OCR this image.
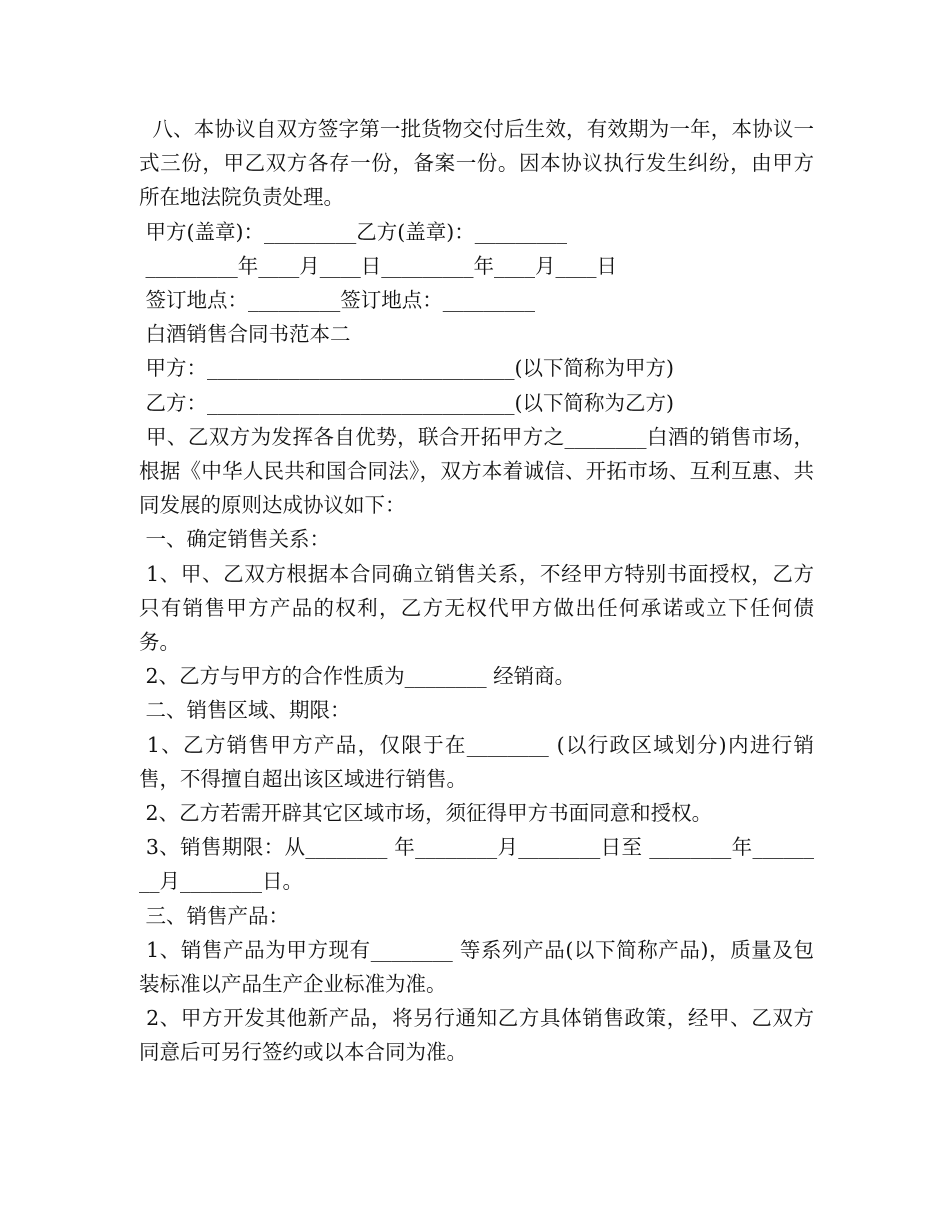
八、本协议自双方签字第一批货物交付后生效，有效期为一年，本协议一式三份，甲乙双方各存一份，备案一份。因本协议执行发生纠纷，由甲方所在地法院负责处理。

甲方(盖章)：_________乙方(盖章)：_________

_________年____月____日_________年____月____日

签订地点：_________签订地点：_________

白酒销售合同书范本二

甲方：______________________________(以下简称为甲方)

乙方：______________________________(以下简称为乙方)

甲、乙双方为发挥各自优势，联合开拓甲方之________白酒的销售市场，根据《中华人民共和国合同法》，双方本着诚信、开拓市场、互利互惠、共同发展的原则达成协议如下：

一、确定销售关系：

1、甲、乙双方根据本合同确立销售关系，不经甲方特别书面授权，乙方只有销售甲方产品的权利，乙方无权代甲方做出任何承诺或立下任何债务。

2、乙方与甲方的合作性质为________ 经销商。

二、销售区域、期限：

1、乙方销售甲方产品，仅限于在________ (以行政区域划分)内进行销售，不得擅自超出该区域进行销售。

2、乙方若需开辟其它区域市场，须征得甲方书面同意和授权。

3、销售期限：从________ 年________月________日至 ________年________月________日。

三、销售产品：

1、销售产品为甲方现有________ 等系列产品(以下简称产品)，质量及包装标准以产品生产企业标准为准。

2、甲方开发其他新产品，将另行通知乙方具体销售政策，经甲、乙双方同意后可另行签约或以本合同为准。
